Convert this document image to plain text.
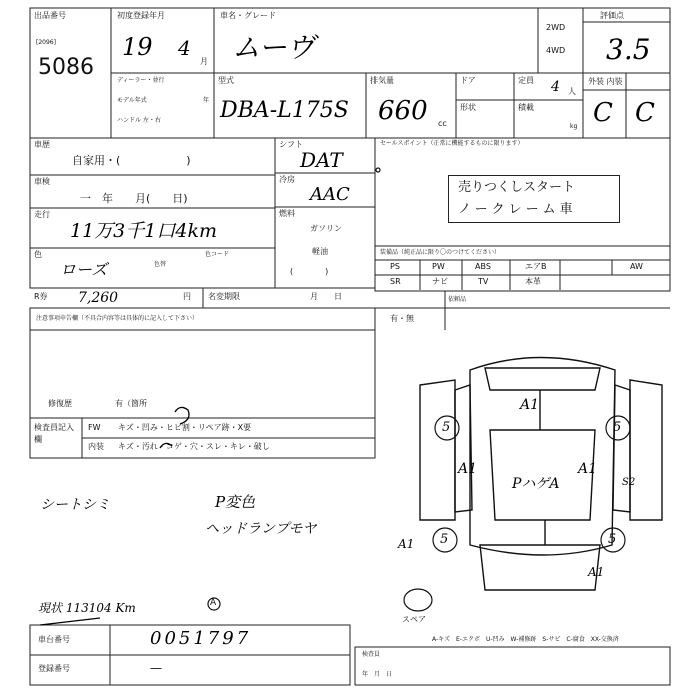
出品番号
[2096]
5086
初度登録年月
19 4
月
車名・グレード
ムーヴ
2WD
4WD
評価点
3.5
ディーラー・並行
モデル年式	年
ハンドル 左・右
型式
DBA-L175S
排気量
660 cc
ドア	定員 4 人
形状	積載
kg
外装 内装
C C
車歴
自家用・(　　　　　　)
車検
一　年　　月(　　日)
走行
11万3千1口4km
色
ローズ	色替
色コード
シフト
DAT
冷房
AAC
燃料
ガソリン
軽油
(　　　　)
R券 7,260	円 名変期限	月　　日
セールスポイント（正常に機能するものに限ります）
売りつくしスタート
ノークレーム車
装備品（純正品に限り〇のつけてください）
PS	PW	ABS	エアB	AW
SR	ナビ	TV	本革
依頼品
有・無
注意事項申告欄（不具合内容等は具体的に記入して下さい）
修復歴	有（箇所
検査員記入欄
FW キズ・凹み・ヒビ割・リペア跡・X要
内装 キズ・汚れ・コゲ・穴・スレ・キレ・破し
シートシミ	P変色
ヘッドランプモヤ
現状 113104 Km	A
A1
PハゲA
A1	A1
5	5
5	5
A1
A1
S2
スペア
A-キズ　E-エクボ　U-凹み　W-補修跡　S-サビ　C-腐食　XX-交換済
車台番号	0051797
登録番号	—
検査員
年　月　日
